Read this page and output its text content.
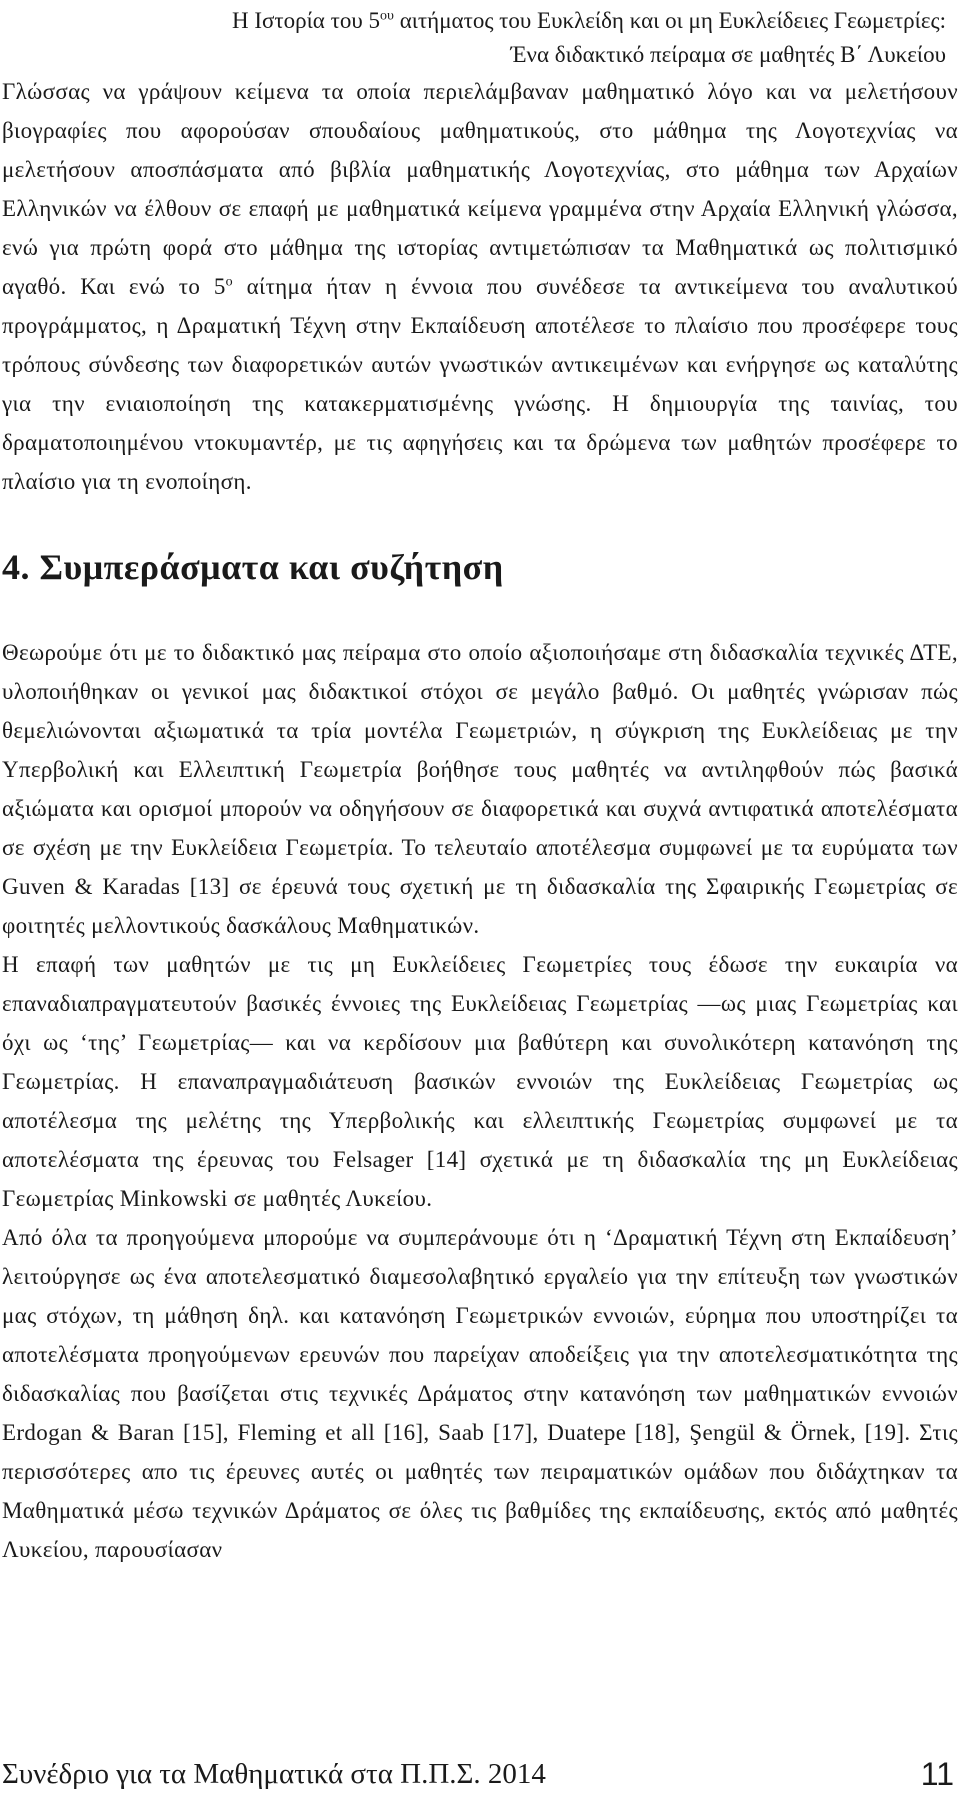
Η Ιστορία του $5^{o\upsilon}$ αιτήματος του Ευκλείδη και οι μη Ευκλείδειες Γεωμετρίες:
Ένα διδακτικό πείραμα σε μαθητές Β΄ Λυκείου

Γλώσσας να γράψουν κείμενα τα οποία περιελάμβαναν μαθηματικό λόγο και να μελετήσουν βιογραφίες που αφορούσαν σπουδαίους μαθηματικούς, στο μάθημα της Λογοτεχνίας να μελετήσουν αποσπάσματα από βιβλία μαθηματικής Λογοτεχνίας, στο μάθημα των Αρχαίων Ελληνικών να έλθουν σε επαφή με μαθηματικά κείμενα γραμμένα στην Αρχαία Ελληνική γλώσσα, ενώ για πρώτη φορά στο μάθημα της ιστορίας αντιμετώπισαν τα Μαθηματικά ως πολιτισμικό αγαθό. Και ενώ το $5^o$ αίτημα ήταν η έννοια που συνέδεσε τα αντικείμενα του αναλυτικού προγράμματος, η Δραματική Τέχνη στην Εκπαίδευση αποτέλεσε το πλαίσιο που προσέφερε τους τρόπους σύνδεσης των διαφορετικών αυτών γνωστικών αντικειμένων και ενήργησε ως καταλύτης για την ενιαιοποίηση της κατακερματισμένης γνώσης. Η δημιουργία της ταινίας, του δραματοποιημένου ντοκυμαντέρ, με τις αφηγήσεις και τα δρώμενα των μαθητών προσέφερε το πλαίσιο για τη ενοποίηση.

4. Συμπεράσματα και συζήτηση

Θεωρούμε ότι με το διδακτικό μας πείραμα στο οποίο αξιοποιήσαμε στη διδασκαλία τεχνικές ΔΤΕ, υλοποιήθηκαν οι γενικοί μας διδακτικοί στόχοι σε μεγάλο βαθμό. Οι μαθητές γνώρισαν πώς θεμελιώνονται αξιωματικά τα τρία μοντέλα Γεωμετριών, η σύγκριση της Ευκλείδειας με την Υπερβολική και Ελλειπτική Γεωμετρία βοήθησε τους μαθητές να αντιληφθούν πώς βασικά αξιώματα και ορισμοί μπορούν να οδηγήσουν σε διαφορετικά και συχνά αντιφατικά αποτελέσματα σε σχέση με την Ευκλείδεια Γεωμετρία. Το τελευταίο αποτέλεσμα συμφωνεί με τα ευρύματα των Guven & Karadas [13] σε έρευνά τους σχετική με τη διδασκαλία της Σφαιρικής Γεωμετρίας σε φοιτητές μελλοντικούς δασκάλους Μαθηματικών.

Η επαφή των μαθητών με τις μη Ευκλείδειες Γεωμετρίες τους έδωσε την ευκαιρία να επαναδιαπραγματευτούν βασικές έννοιες της Ευκλείδειας Γεωμετρίας —ως μιας Γεωμετρίας και όχι ως ‘της’ Γεωμετρίας— και να κερδίσουν μια βαθύτερη και συνολικότερη κατανόηση της Γεωμετρίας. Η επαναπραγμαδιάτευση βασικών εννοιών της Ευκλείδειας Γεωμετρίας ως αποτέλεσμα της μελέτης της Υπερβολικής και ελλειπτικής Γεωμετρίας συμφωνεί με τα αποτελέσματα της έρευνας του Felsager [14] σχετικά με τη διδασκαλία της μη Ευκλείδειας Γεωμετρίας Minkowski σε μαθητές Λυκείου.

Από όλα τα προηγούμενα μπορούμε να συμπεράνουμε ότι η ‘Δραματική Τέχνη στη Εκπαίδευση’ λειτούργησε ως ένα αποτελεσματικό διαμεσολαβητικό εργαλείο για την επίτευξη των γνωστικών μας στόχων, τη μάθηση δηλ. και κατανόηση Γεωμετρικών εννοιών, εύρημα που υποστηρίζει τα αποτελέσματα προηγούμενων ερευνών που παρείχαν αποδείξεις για την αποτελεσματικότητα της διδασκαλίας που βασίζεται στις τεχνικές Δράματος στην κατανόηση των μαθηματικών εννοιών Erdogan & Baran [15], Fleming et all [16], Saab [17], Duatepe [18], Şengül & Örnek, [19]. Στις περισσότερες απο τις έρευνες αυτές οι μαθητές των πειραματικών ομάδων που διδάχτηκαν τα Μαθηματικά μέσω τεχνικών Δράματος σε όλες τις βαθμίδες της εκπαίδευσης, εκτός από μαθητές Λυκείου, παρουσίασαν

Συνέδριο για τα Μαθηματικά στα Π.Π.Σ. 2014	11
